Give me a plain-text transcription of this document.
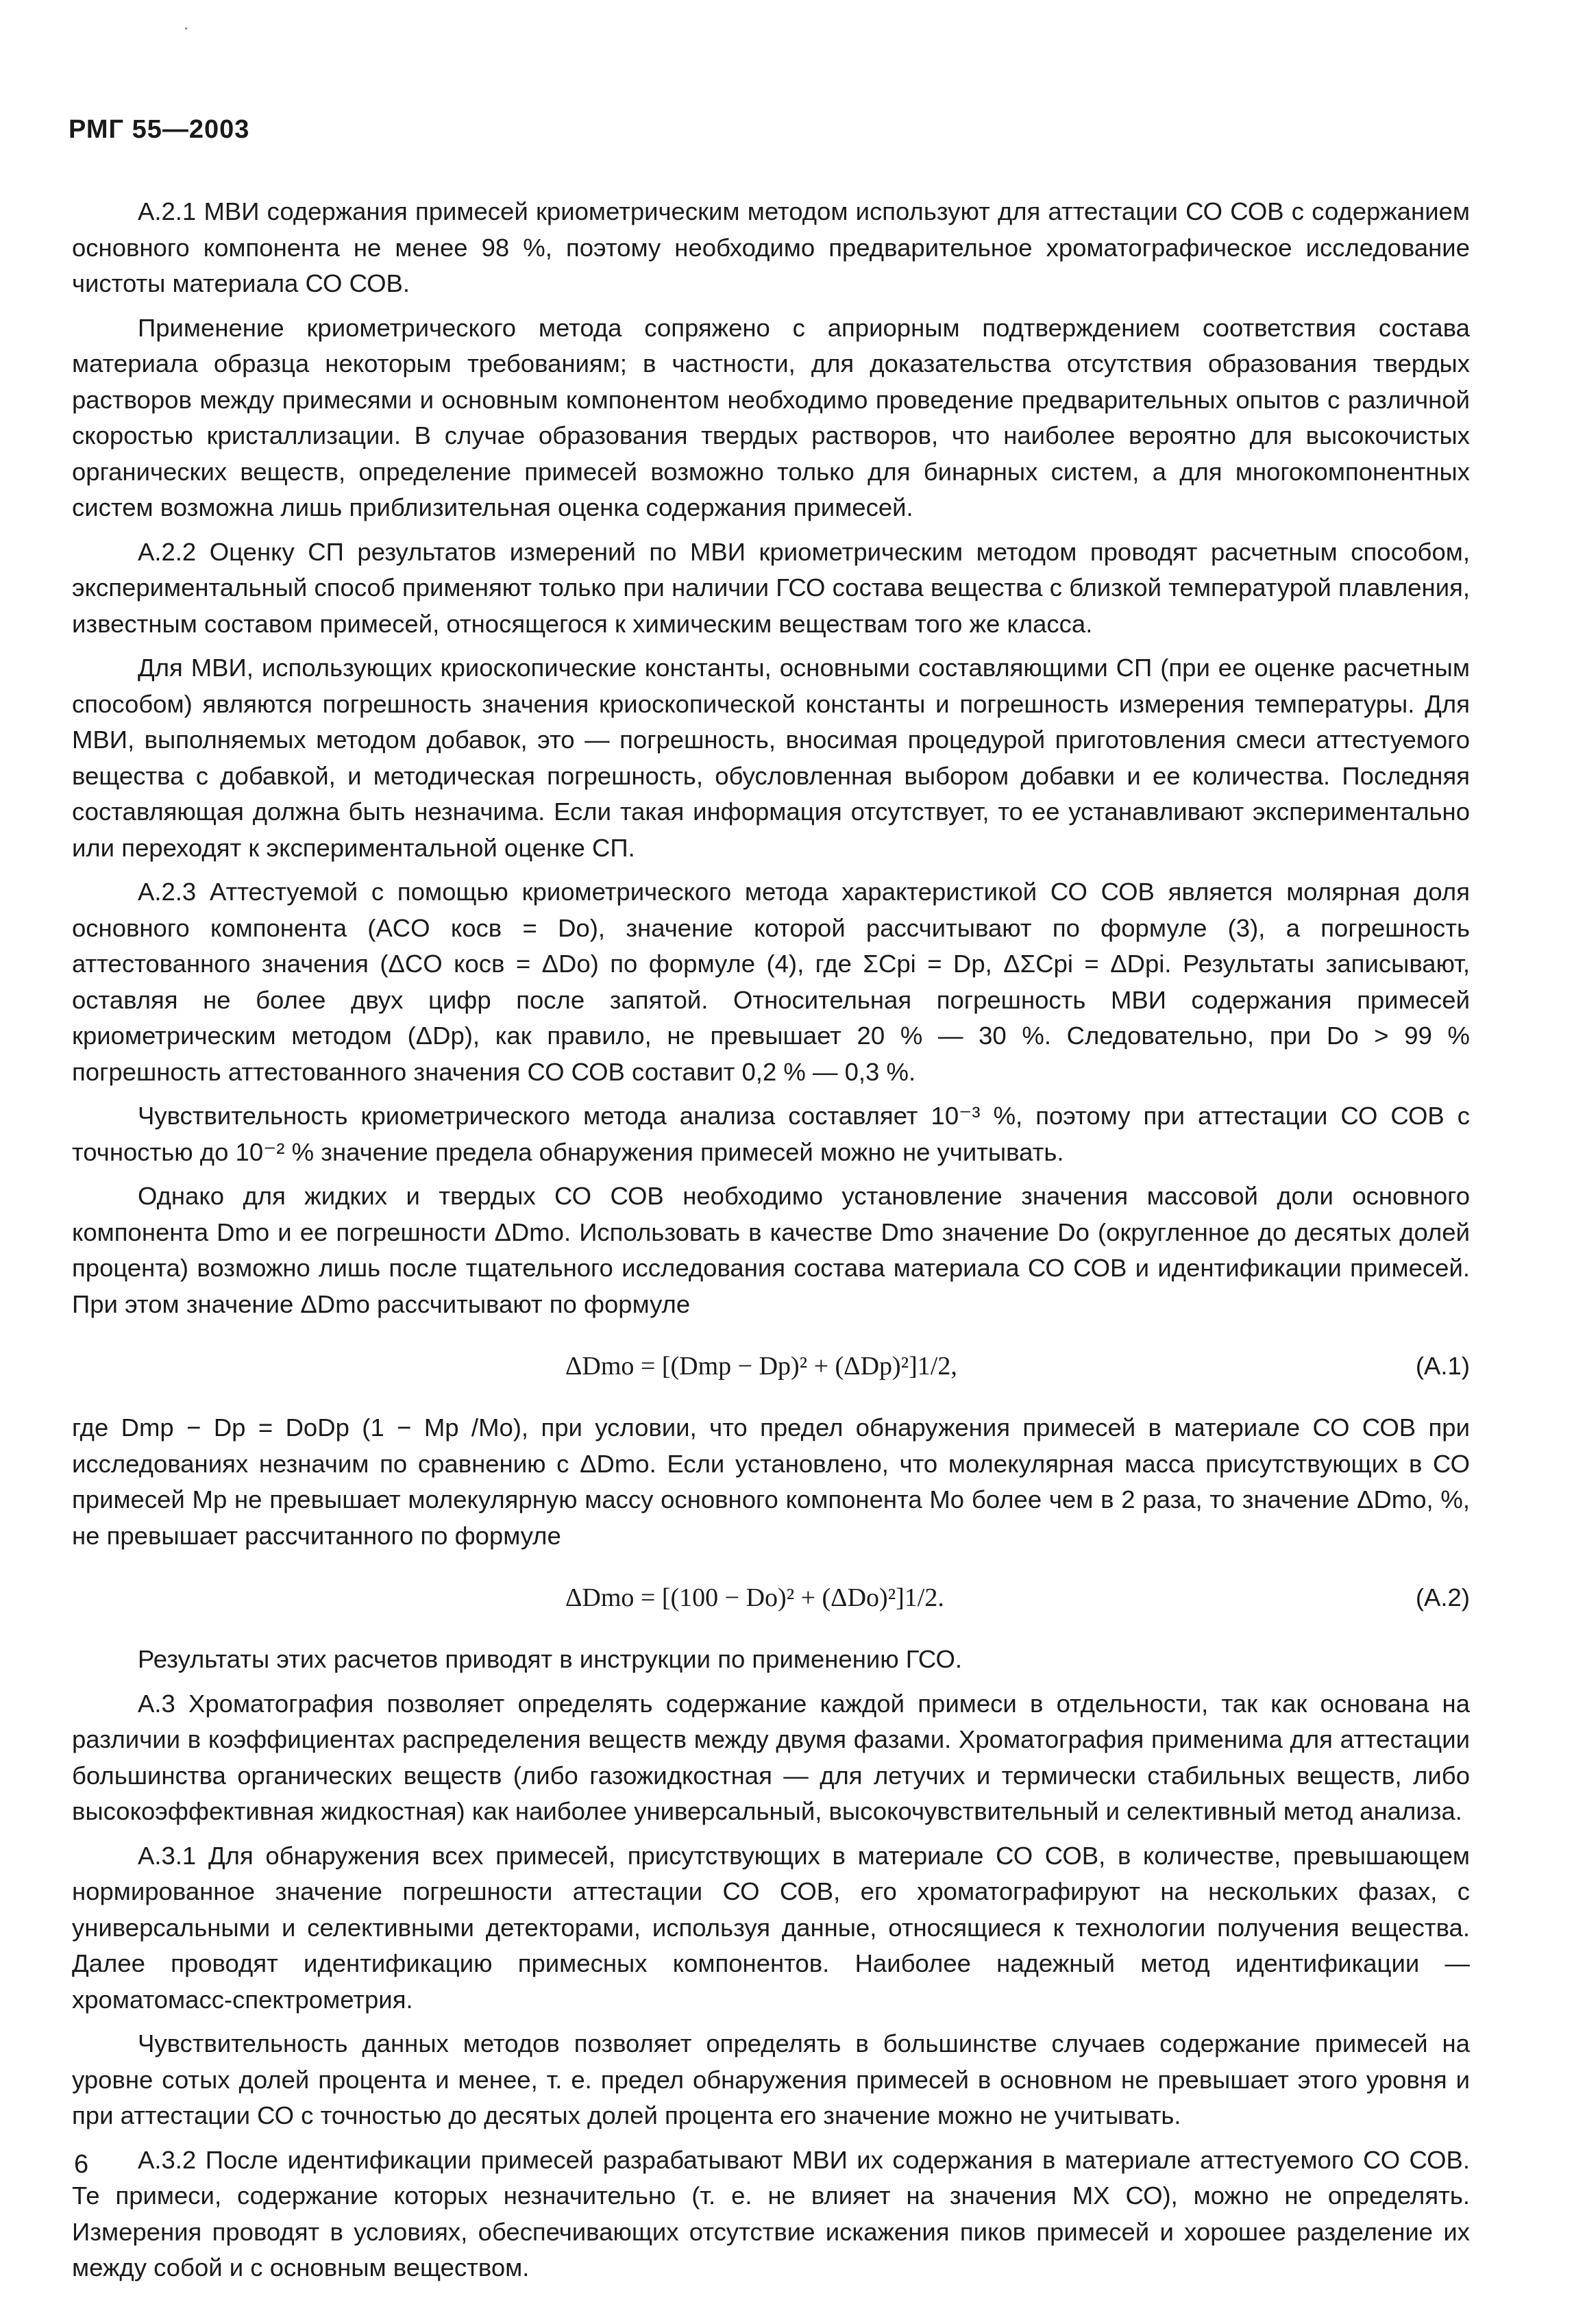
РМГ 55—2003

А.2.1 МВИ содержания примесей криометрическим методом используют для аттестации СО СОВ с содержанием основного компонента не менее 98 %, поэтому необходимо предварительное хроматографическое исследование чистоты материала СО СОВ.

Применение криометрического метода сопряжено с априорным подтверждением соответствия состава материала образца некоторым требованиям; в частности, для доказательства отсутствия образования твердых растворов между примесями и основным компонентом необходимо проведение предварительных опытов с различной скоростью кристаллизации. В случае образования твердых растворов, что наиболее вероятно для высокочистых органических веществ, определение примесей возможно только для бинарных систем, а для многокомпонентных систем возможна лишь приблизительная оценка содержания примесей.

А.2.2 Оценку СП результатов измерений по МВИ криометрическим методом проводят расчетным способом, экспериментальный способ применяют только при наличии ГСО состава вещества с близкой температурой плавления, известным составом примесей, относящегося к химическим веществам того же класса.

Для МВИ, использующих криоскопические константы, основными составляющими СП (при ее оценке расчетным способом) являются погрешность значения криоскопической константы и погрешность измерения температуры. Для МВИ, выполняемых методом добавок, это — погрешность, вносимая процедурой приготовления смеси аттестуемого вещества с добавкой, и методическая погрешность, обусловленная выбором добавки и ее количества. Последняя составляющая должна быть незначима. Если такая информация отсутствует, то ее устанавливают экспериментально или переходят к экспериментальной оценке СП.

А.2.3 Аттестуемой с помощью криометрического метода характеристикой СО СОВ является молярная доля основного компонента (ACO косв = Do), значение которой рассчитывают по формуле (3), а погрешность аттестованного значения (ΔCO косв = ΔDo) по формуле (4), где ΣCpi = Dp, ΔΣCpi = ΔDpi. Результаты записывают, оставляя не более двух цифр после запятой. Относительная погрешность МВИ содержания примесей криометрическим методом (ΔDp), как правило, не превышает 20 % — 30 %. Следовательно, при Do > 99 % погрешность аттестованного значения СО СОВ составит 0,2 % — 0,3 %.

Чувствительность криометрического метода анализа составляет 10⁻³ %, поэтому при аттестации СО СОВ с точностью до 10⁻² % значение предела обнаружения примесей можно не учитывать.

Однако для жидких и твердых СО СОВ необходимо установление значения массовой доли основного компонента Dmo и ее погрешности ΔDmo. Использовать в качестве Dmo значение Do (округленное до десятых долей процента) возможно лишь после тщательного исследования состава материала СО СОВ и идентификации примесей. При этом значение ΔDmo рассчитывают по формуле

ΔDmo = [(Dmp − Dp)² + (ΔDp)²]1/2,	(А.1)

где Dmp − Dp = DoDp (1 − Mp /Mo), при условии, что предел обнаружения примесей в материале СО СОВ при исследованиях незначим по сравнению с ΔDmo. Если установлено, что молекулярная масса присутствующих в СО примесей Mp не превышает молекулярную массу основного компонента Mo более чем в 2 раза, то значение ΔDmo, %, не превышает рассчитанного по формуле

ΔDmo = [(100 − Do)² + (ΔDo)²]1/2.	(А.2)

Результаты этих расчетов приводят в инструкции по применению ГСО.

А.3 Хроматография позволяет определять содержание каждой примеси в отдельности, так как основана на различии в коэффициентах распределения веществ между двумя фазами. Хроматография применима для аттестации большинства органических веществ (либо газожидкостная — для летучих и термически стабильных веществ, либо высокоэффективная жидкостная) как наиболее универсальный, высокочувствительный и селективный метод анализа.

А.3.1 Для обнаружения всех примесей, присутствующих в материале СО СОВ, в количестве, превышающем нормированное значение погрешности аттестации СО СОВ, его хроматографируют на нескольких фазах, с универсальными и селективными детекторами, используя данные, относящиеся к технологии получения вещества. Далее проводят идентификацию примесных компонентов. Наиболее надежный метод идентификации — хроматомасс-спектрометрия.

Чувствительность данных методов позволяет определять в большинстве случаев содержание примесей на уровне сотых долей процента и менее, т. е. предел обнаружения примесей в основном не превышает этого уровня и при аттестации СО с точностью до десятых долей процента его значение можно не учитывать.

А.3.2 После идентификации примесей разрабатывают МВИ их содержания в материале аттестуемого СО СОВ. Те примеси, содержание которых незначительно (т. е. не влияет на значения МХ СО), можно не определять. Измерения проводят в условиях, обеспечивающих отсутствие искажения пиков примесей и хорошее разделение их между собой и с основным веществом.

6
